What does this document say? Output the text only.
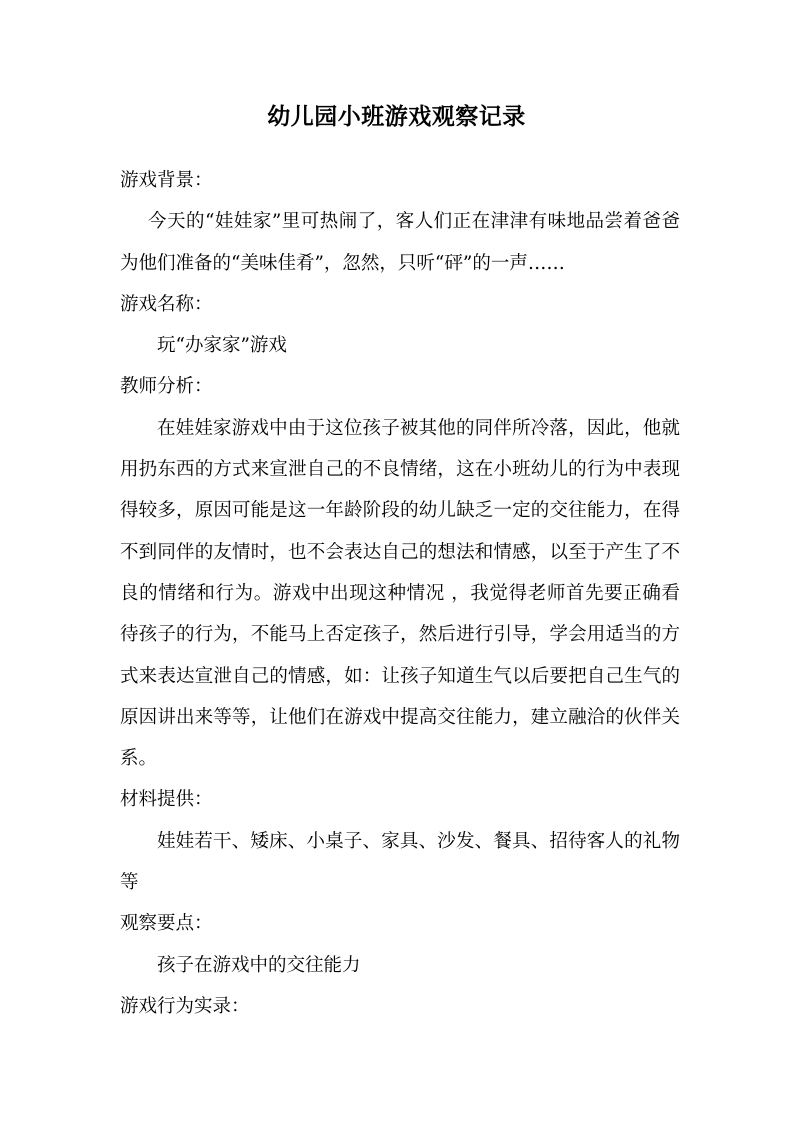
幼儿园小班游戏观察记录

游戏背景：

今天的“娃娃家”里可热闹了，客人们正在津津有味地品尝着爸爸为他们准备的“美味佳肴”，忽然，只听“砰”的一声……

游戏名称：

玩“办家家”游戏

教师分析：

在娃娃家游戏中由于这位孩子被其他的同伴所冷落，因此，他就用扔东西的方式来宣泄自己的不良情绪，这在小班幼儿的行为中表现得较多，原因可能是这一年龄阶段的幼儿缺乏一定的交往能力，在得不到同伴的友情时，也不会表达自己的想法和情感，以至于产生了不良的情绪和行为。游戏中出现这种情况 ，我觉得老师首先要正确看待孩子的行为，不能马上否定孩子，然后进行引导，学会用适当的方式来表达宣泄自己的情感，如：让孩子知道生气以后要把自己生气的原因讲出来等等，让他们在游戏中提高交往能力，建立融洽的伙伴关系。

材料提供：

娃娃若干、矮床、小桌子、家具、沙发、餐具、招待客人的礼物等

观察要点：

孩子在游戏中的交往能力

游戏行为实录：
